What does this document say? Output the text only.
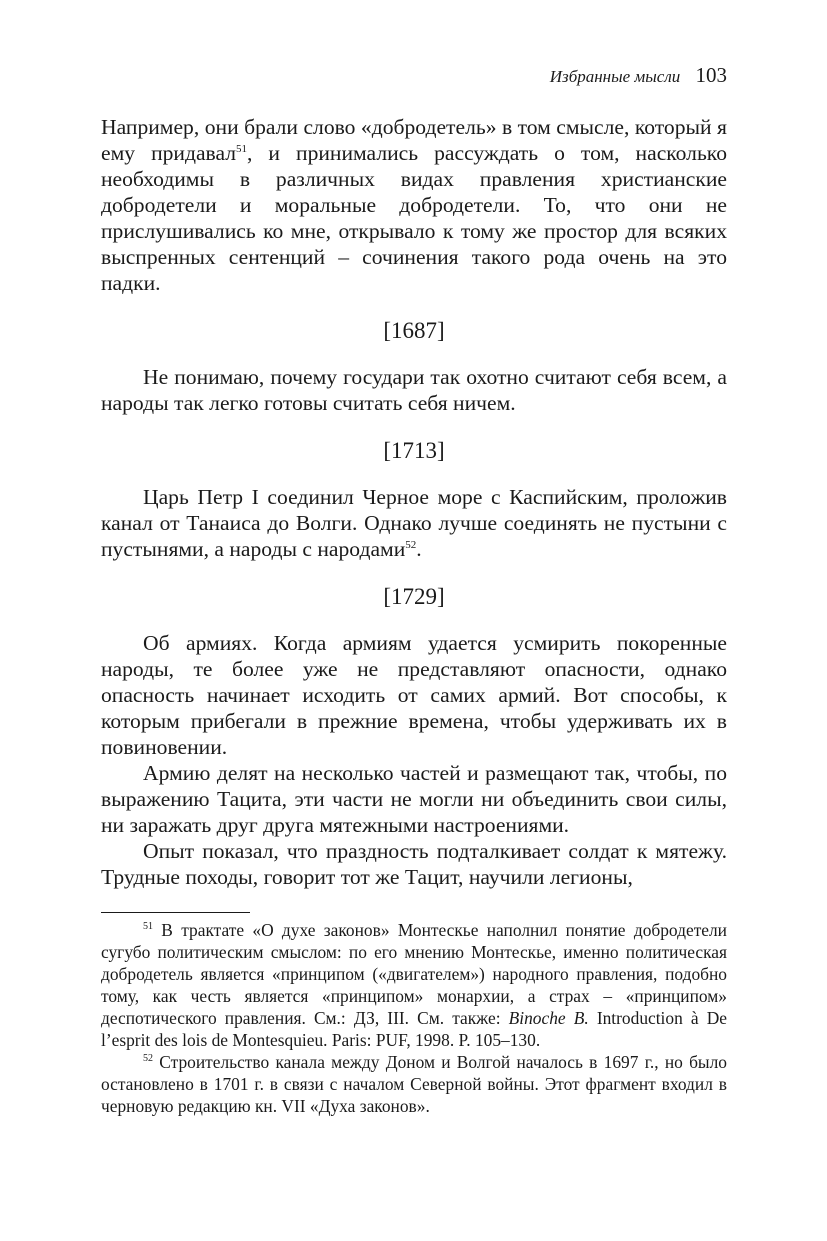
Избранные мысли 103

Например, они брали слово «добродетель» в том смысле, который я ему придавал$^{51}$, и принимались рассуждать о том, насколько необходимы в различных видах правления христианские добродетели и моральные добродетели. То, что они не прислушивались ко мне, открывало к тому же простор для всяких выспренных сентенций – сочинения такого рода очень на это падки.

[1687]

Не понимаю, почему государи так охотно считают себя всем, а народы так легко готовы считать себя ничем.

[1713]

Царь Петр I соединил Черное море с Каспийским, проложив канал от Танаиса до Волги. Однако лучше соединять не пустыни с пустынями, а народы с народами$^{52}$.

[1729]

Об армиях. Когда армиям удается усмирить покоренные народы, те более уже не представляют опасности, однако опасность начинает исходить от самих армий. Вот способы, к которым прибегали в прежние времена, чтобы удерживать их в повиновении.

Армию делят на несколько частей и размещают так, чтобы, по выражению Тацита, эти части не могли ни объединить свои силы, ни заражать друг друга мятежными настроениями.

Опыт показал, что праздность подталкивает солдат к мятежу. Трудные походы, говорит тот же Тацит, научили легионы,

$^{51}$ В трактате «О духе законов» Монтескье наполнил понятие добродетели сугубо политическим смыслом: по его мнению Монтескье, именно политическая добродетель является «принципом («двигателем») народного правления, подобно тому, как честь является «принципом» монархии, а страх – «принципом» деспотического правления. См.: ДЗ, III. См. также: Binoche B. Introduction à De l’esprit des lois de Montesquieu. Paris: PUF, 1998. P. 105–130.

$^{52}$ Строительство канала между Доном и Волгой началось в 1697 г., но было остановлено в 1701 г. в связи с началом Северной войны. Этот фрагмент входил в черновую редакцию кн. VII «Духа законов».
